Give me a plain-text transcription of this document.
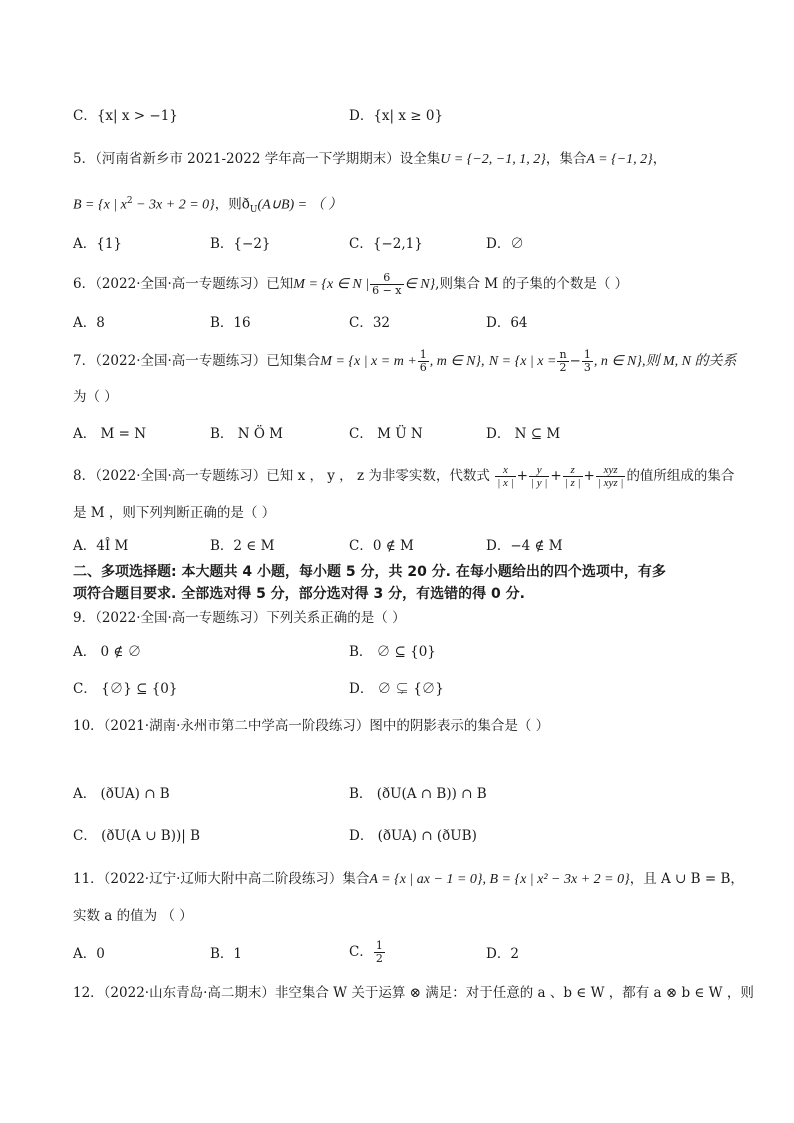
C．{x| x > −1}	D．{x| x ≥ 0}
5．（河南省新乡市 2021-2022 学年高一下学期期末）设全集U = {−2, −1, 1, 2}，集合A = {−1, 2}，
B = {x | $x^2 - 3x + 2 = 0$}，则$ð_U(A\cup B)$ = （ ）
A．{1}	B．{−2}	C．{−2,1}	D．∅
6．（2022·全国·高一专题练习）已知M = {x ∈ N | $\frac{6}{6 - x}$ ∈ N},则集合 M 的子集的个数是（ ）
A．8	B．16	C．32	D．64
7．（2022·全国·高一专题练习）已知集合M = {x | $x = m + \frac{1}{6}$ , m ∈ N}, N = {x | $x = \frac{n}{2} - \frac{1}{3}$ , n ∈ N},则 M, N 的关系
为（ ）
A． M = N	B． N Ö M	C． M Ü N	D． N ⊆ M
8．（2022·全国·高一专题练习）已知 x ， y ， z 为非零实数，代数式 $\frac{x}{| x |} + \frac{y}{| y |} + \frac{z}{| z |} + \frac{\text{xyz}}{\text{| xyz |}}$ 的值所组成的集合
是 M ，则下列判断正确的是（ ）
A．4Î M	B．2 ∈ M	C．0 ∉ M	D．−4 ∉ M
二、多项选择题: 本大题共 4 小题，每小题 5 分，共 20 分. 在每小题给出的四个选项中，有多
项符合题目要求. 全部选对得 5 分，部分选对得 3 分，有选错的得 0 分.
9．（2022·全国·高一专题练习）下列关系正确的是（ ）
A． 0 ∉ ∅	B． ∅ ⊆ {0}
C． {∅} ⊆ {0}	D． ∅ ⊊ {∅}
10．（2021·湖南·永州市第二中学高一阶段练习）图中的阴影表示的集合是（ ）
A． (ðUA) ∩ B	B． (ðU(A ∩ B)) ∩ B
C． (ðU(A ∪ B))| B	D． (ðUA) ∩ (ðUB)
11．（2022·辽宁·辽师大附中高二阶段练习）集合A = {x | ax − 1 = 0}, B = {x | x² − 3x + 2 = 0}，且 A ∪ B = B，
实数 a 的值为 （ ）
A．0	B．1	C． $\frac{1}{2}$	D．2
12．（2022·山东青岛·高二期末）非空集合 W 关于运算 ⊗ 满足：对于任意的 a 、b ∈ W ，都有 a ⊗ b ∈ W ，则
